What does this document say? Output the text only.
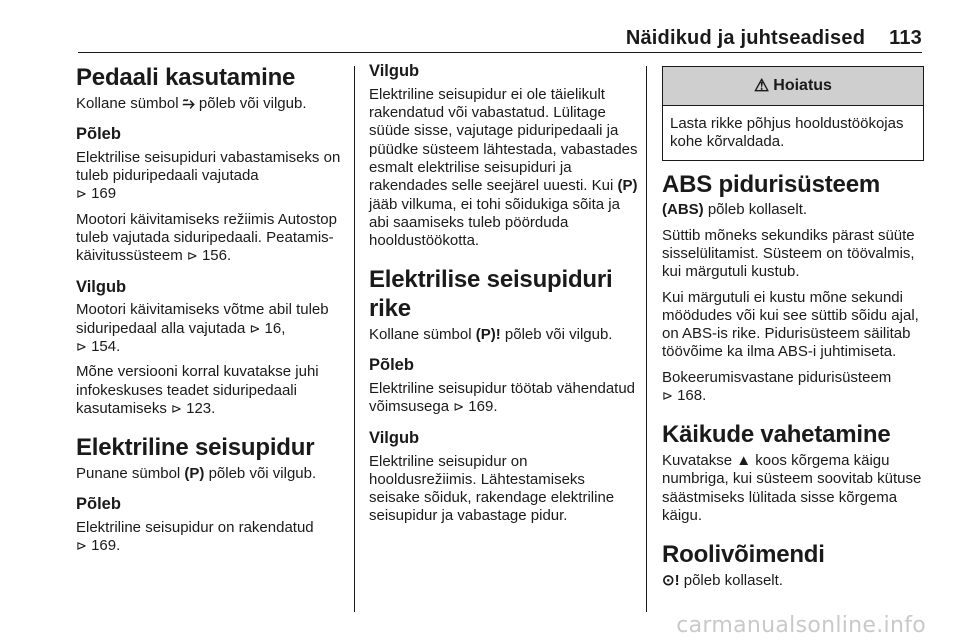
Näidikud ja juhtseadised 113
Pedaali kasutamine

Kollane sümbol ⥲ põleb või vilgub.

Põleb

Elektrilise seisupiduri vabastamiseks on tuleb piduripedaali vajutada
⊳ 169

Mootori käivitamiseks režiimis Autostop tuleb vajutada siduripedaali. Peatamis-käivitussüsteem ⊳ 156.

Vilgub

Mootori käivitamiseks võtme abil tuleb siduripedaal alla vajutada ⊳ 16,
⊳ 154.

Mõne versiooni korral kuvatakse juhi infokeskuses teadet siduripedaali kasutamiseks ⊳ 123.

Elektriline seisupidur

Punane sümbol (P) põleb või vilgub.

Põleb

Elektriline seisupidur on rakendatud
⊳ 169.

Vilgub

Elektriline seisupidur ei ole täielikult rakendatud või vabastatud. Lülitage süüde sisse, vajutage piduripedaali ja püüdke süsteem lähtestada, vabastades esmalt elektrilise seisupiduri ja rakendades selle seejärel uuesti. Kui (P) jääb vilkuma, ei tohi sõidukiga sõita ja abi saamiseks tuleb pöörduda hooldustöökotta.

Elektrilise seisupiduri rike

Kollane sümbol (P)! põleb või vilgub.

Põleb

Elektriline seisupidur töötab vähendatud võimsusega ⊳ 169.

Vilgub

Elektriline seisupidur on hooldusrežiimis. Lähtestamiseks seisake sõiduk, rakendage elektriline seisupidur ja vabastage pidur.

⚠ Hoiatus

Lasta rikke põhjus hooldustöökojas kohe kõrvaldada.

ABS pidurisüsteem

(ABS) põleb kollaselt.

Süttib mõneks sekundiks pärast süüte sisselülitamist. Süsteem on töövalmis, kui märgutuli kustub.

Kui märgutuli ei kustu mõne sekundi möödudes või kui see süttib sõidu ajal, on ABS-is rike. Pidurisüsteem säilitab töövõime ka ilma ABS-i juhtimiseta.

Bokeerumisvastane pidurisüsteem
⊳ 168.

Käikude vahetamine

Kuvatakse ▲ koos kõrgema käigu numbriga, kui süsteem soovitab kütuse säästmiseks lülitada sisse kõrgema käigu.

Roolivõimendi

⊙! põleb kollaselt.

carmanualsonline.info
